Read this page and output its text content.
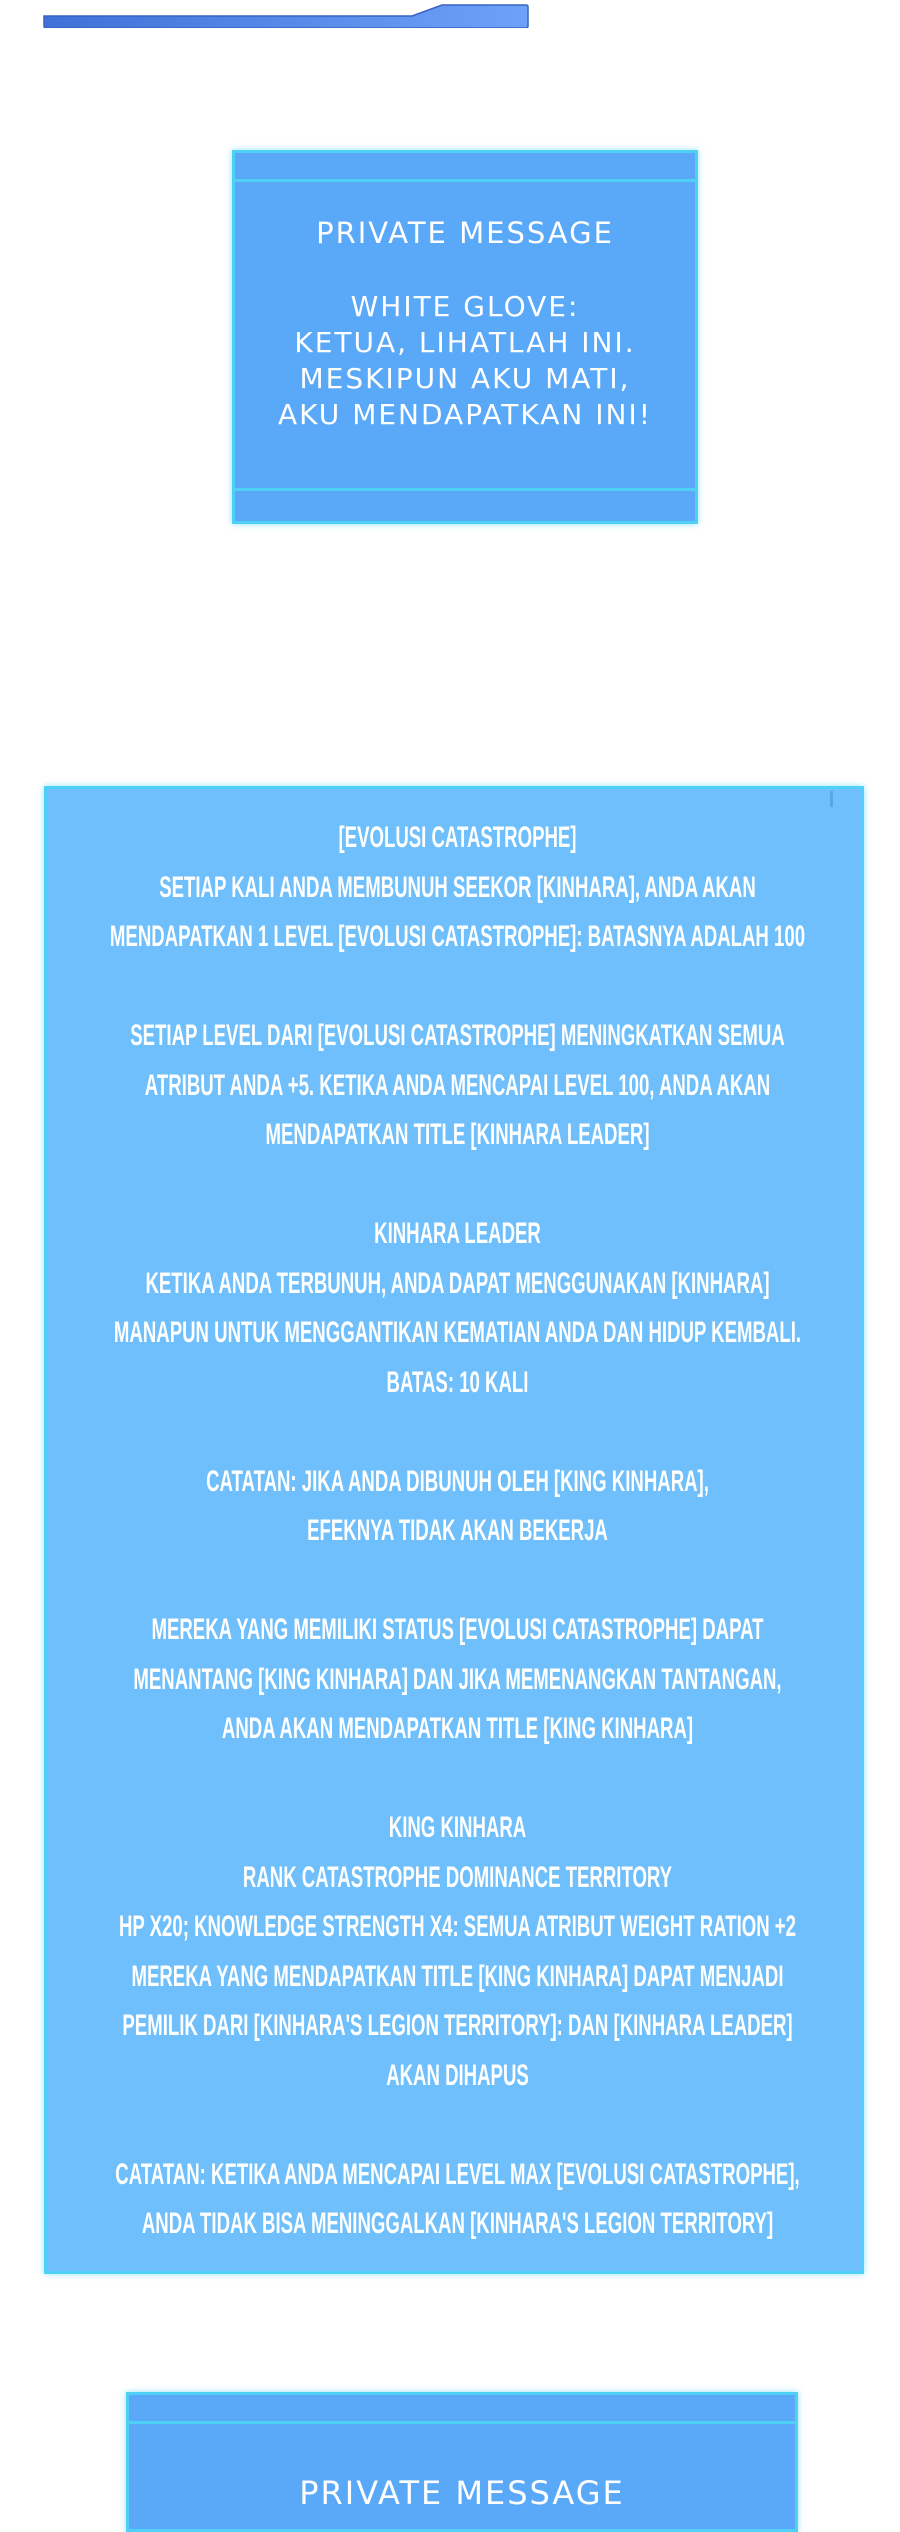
PRIVATE MESSAGE
WHITE GLOVE:
KETUA, LIHATLAH INI.
MESKIPUN AKU MATI,
AKU MENDAPATKAN INI!
[EVOLUSI CATASTROPHE]
SETIAP KALI ANDA MEMBUNUH SEEKOR [KINHARA], ANDA AKAN
MENDAPATKAN 1 LEVEL [EVOLUSI CATASTROPHE]: BATASNYA ADALAH 100
SETIAP LEVEL DARI [EVOLUSI CATASTROPHE] MENINGKATKAN SEMUA
ATRIBUT ANDA +5. KETIKA ANDA MENCAPAI LEVEL 100, ANDA AKAN
MENDAPATKAN TITLE [KINHARA LEADER]
KINHARA LEADER
KETIKA ANDA TERBUNUH, ANDA DAPAT MENGGUNAKAN [KINHARA]
MANAPUN UNTUK MENGGANTIKAN KEMATIAN ANDA DAN HIDUP KEMBALI.
BATAS: 10 KALI
CATATAN: JIKA ANDA DIBUNUH OLEH [KING KINHARA],
EFEKNYA TIDAK AKAN BEKERJA
MEREKA YANG MEMILIKI STATUS [EVOLUSI CATASTROPHE] DAPAT
MENANTANG [KING KINHARA] DAN JIKA MEMENANGKAN TANTANGAN,
ANDA AKAN MENDAPATKAN TITLE [KING KINHARA]
KING KINHARA
RANK CATASTROPHE DOMINANCE TERRITORY
HP X20; KNOWLEDGE STRENGTH X4: SEMUA ATRIBUT WEIGHT RATION +2
MEREKA YANG MENDAPATKAN TITLE [KING KINHARA] DAPAT MENJADI
PEMILIK DARI [KINHARA'S LEGION TERRITORY]: DAN [KINHARA LEADER]
AKAN DIHAPUS
CATATAN: KETIKA ANDA MENCAPAI LEVEL MAX [EVOLUSI CATASTROPHE],
ANDA TIDAK BISA MENINGGALKAN [KINHARA'S LEGION TERRITORY]
PRIVATE MESSAGE
